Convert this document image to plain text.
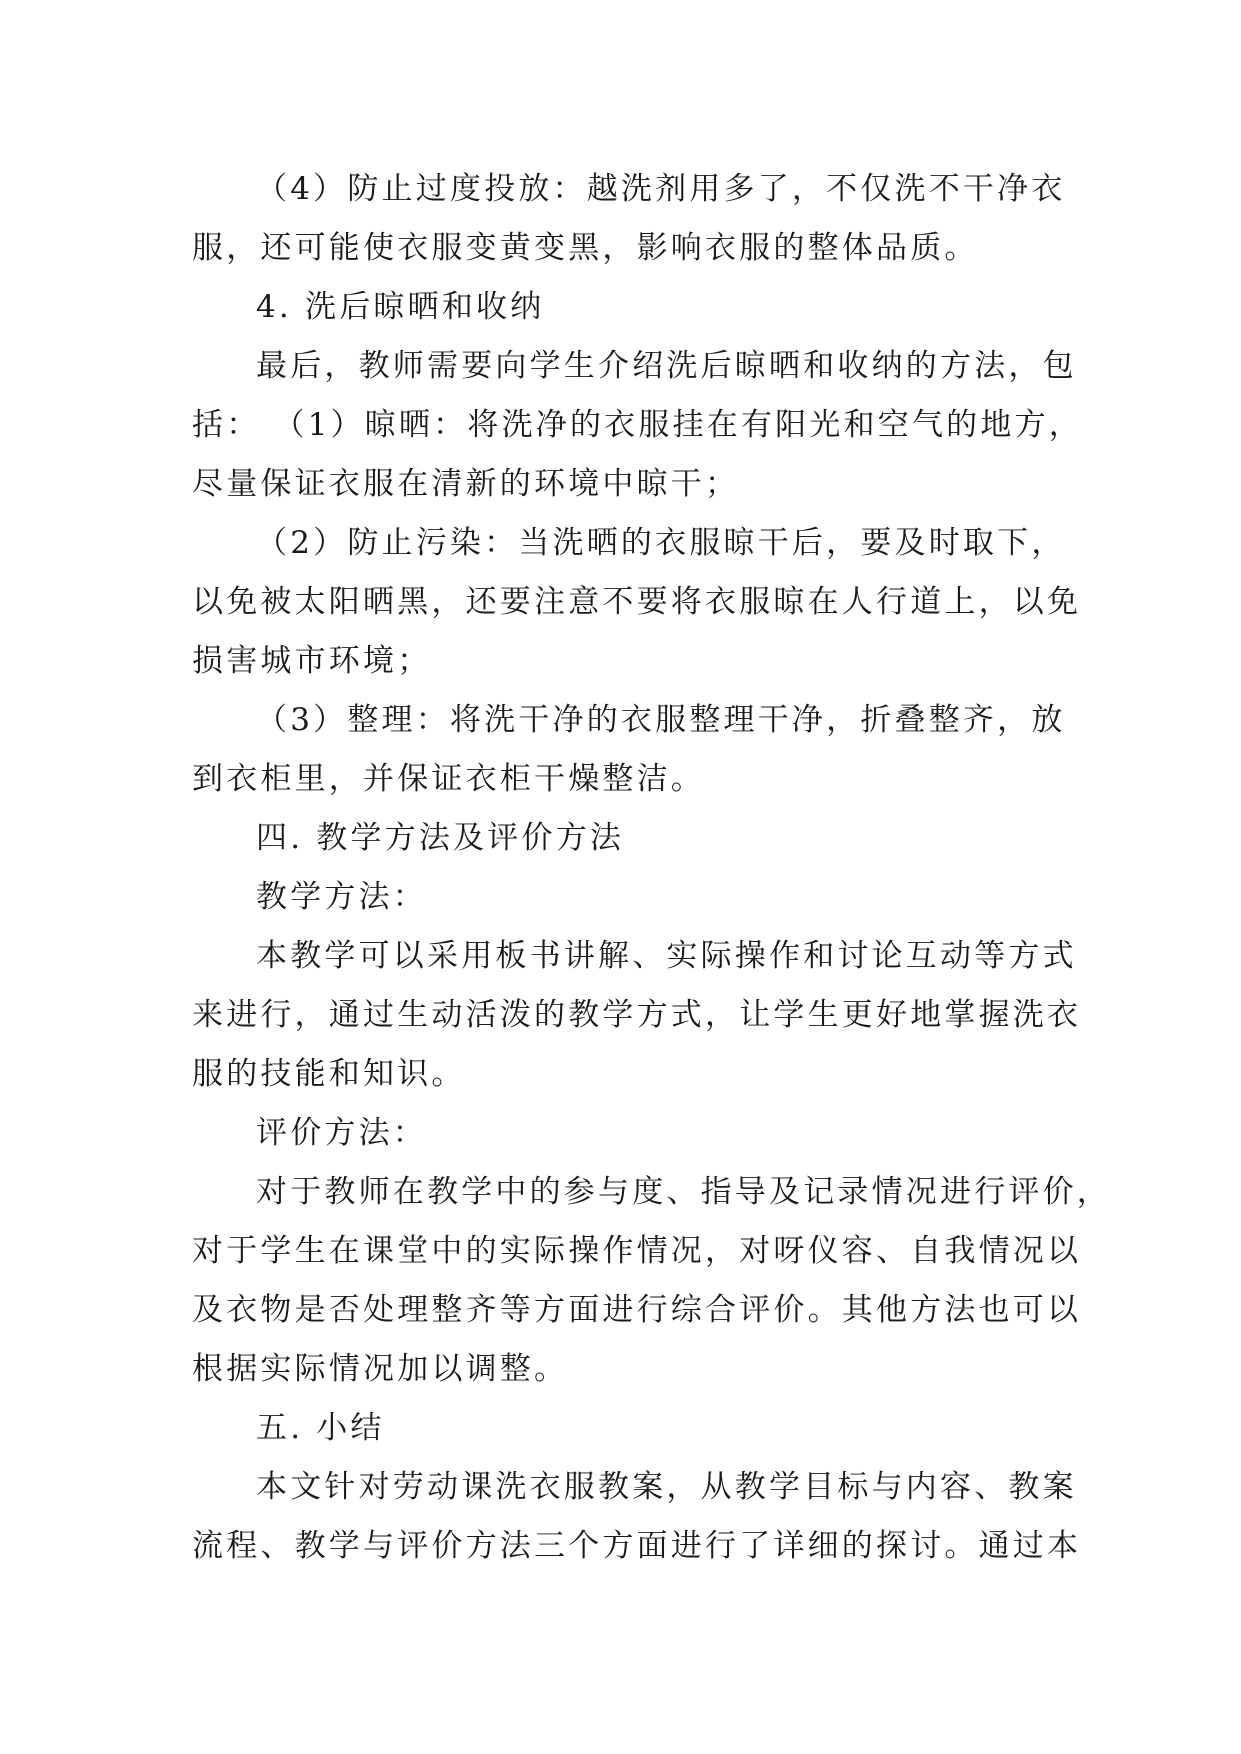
（4）防止过度投放：越洗剂用多了，不仅洗不干净衣
服，还可能使衣服变黄变黑，影响衣服的整体品质。
4. 洗后晾晒和收纳
最后，教师需要向学生介绍洗后晾晒和收纳的方法，包
括： （1）晾晒：将洗净的衣服挂在有阳光和空气的地方，
尽量保证衣服在清新的环境中晾干；
（2）防止污染：当洗晒的衣服晾干后，要及时取下，
以免被太阳晒黑，还要注意不要将衣服晾在人行道上，以免
损害城市环境；
（3）整理：将洗干净的衣服整理干净，折叠整齐，放
到衣柜里，并保证衣柜干燥整洁。
四. 教学方法及评价方法
教学方法：
本教学可以采用板书讲解、实际操作和讨论互动等方式
来进行，通过生动活泼的教学方式，让学生更好地掌握洗衣
服的技能和知识。
评价方法：
对于教师在教学中的参与度、指导及记录情况进行评价，
对于学生在课堂中的实际操作情况，对呀仪容、自我情况以
及衣物是否处理整齐等方面进行综合评价。其他方法也可以
根据实际情况加以调整。
五. 小结
本文针对劳动课洗衣服教案，从教学目标与内容、教案
流程、教学与评价方法三个方面进行了详细的探讨。通过本
